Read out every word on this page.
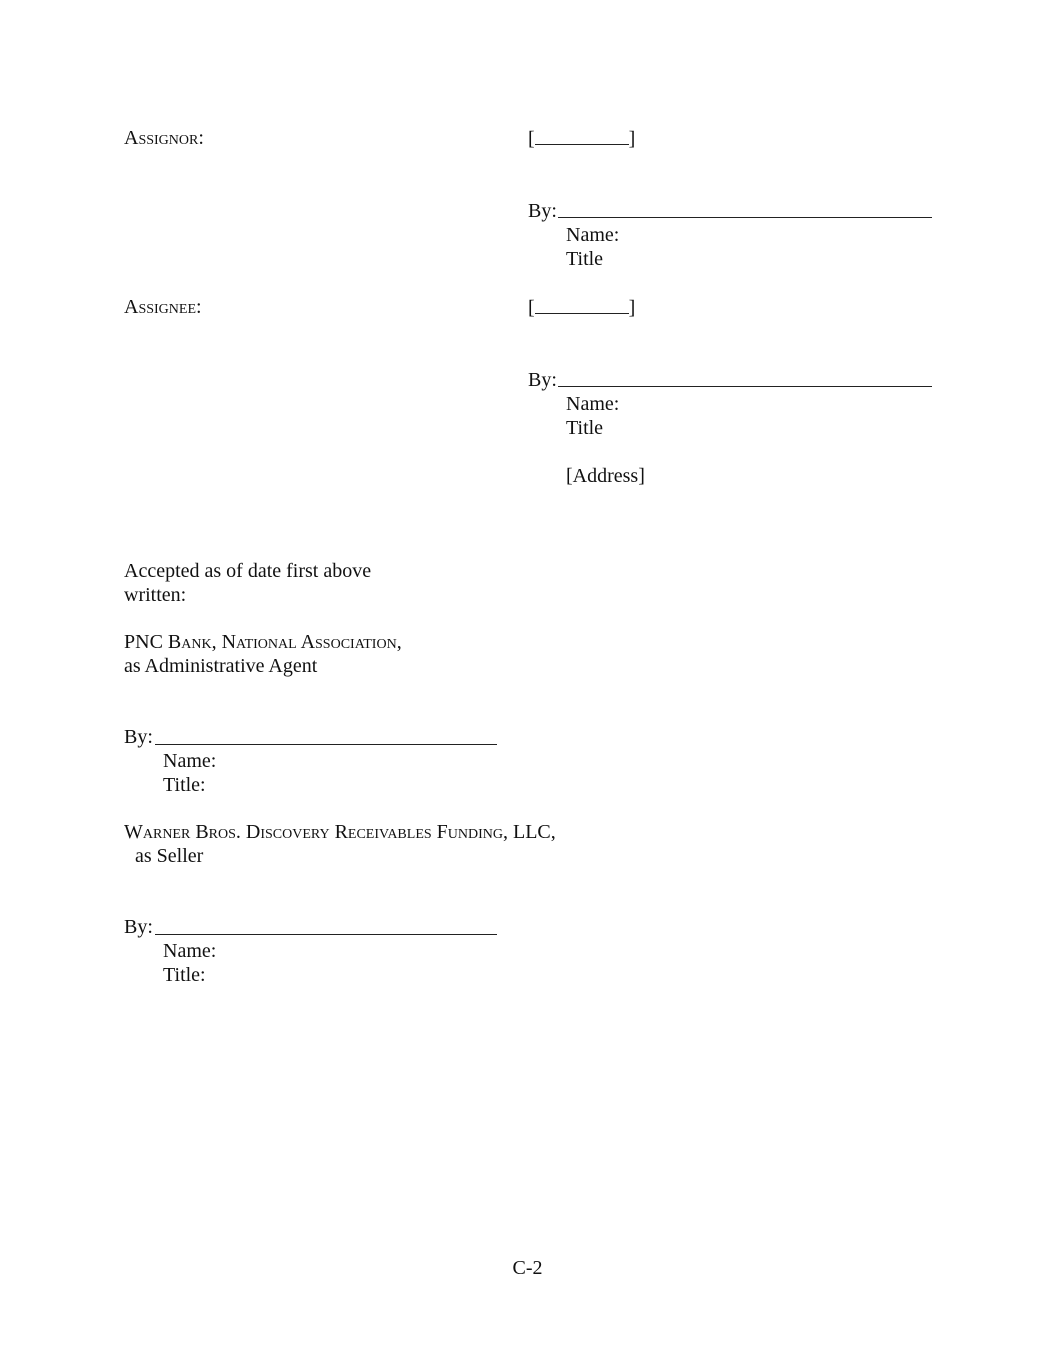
Assignor:	[	]
By:
Name:
Title
Assignee:	[	]
By:
Name:
Title
[Address]
Accepted as of date first above
written:
PNC Bank, National Association,
as Administrative Agent
By:
Name:
Title:
Warner Bros. Discovery Receivables Funding, LLC,
as Seller
By:
Name:
Title:
C-2
